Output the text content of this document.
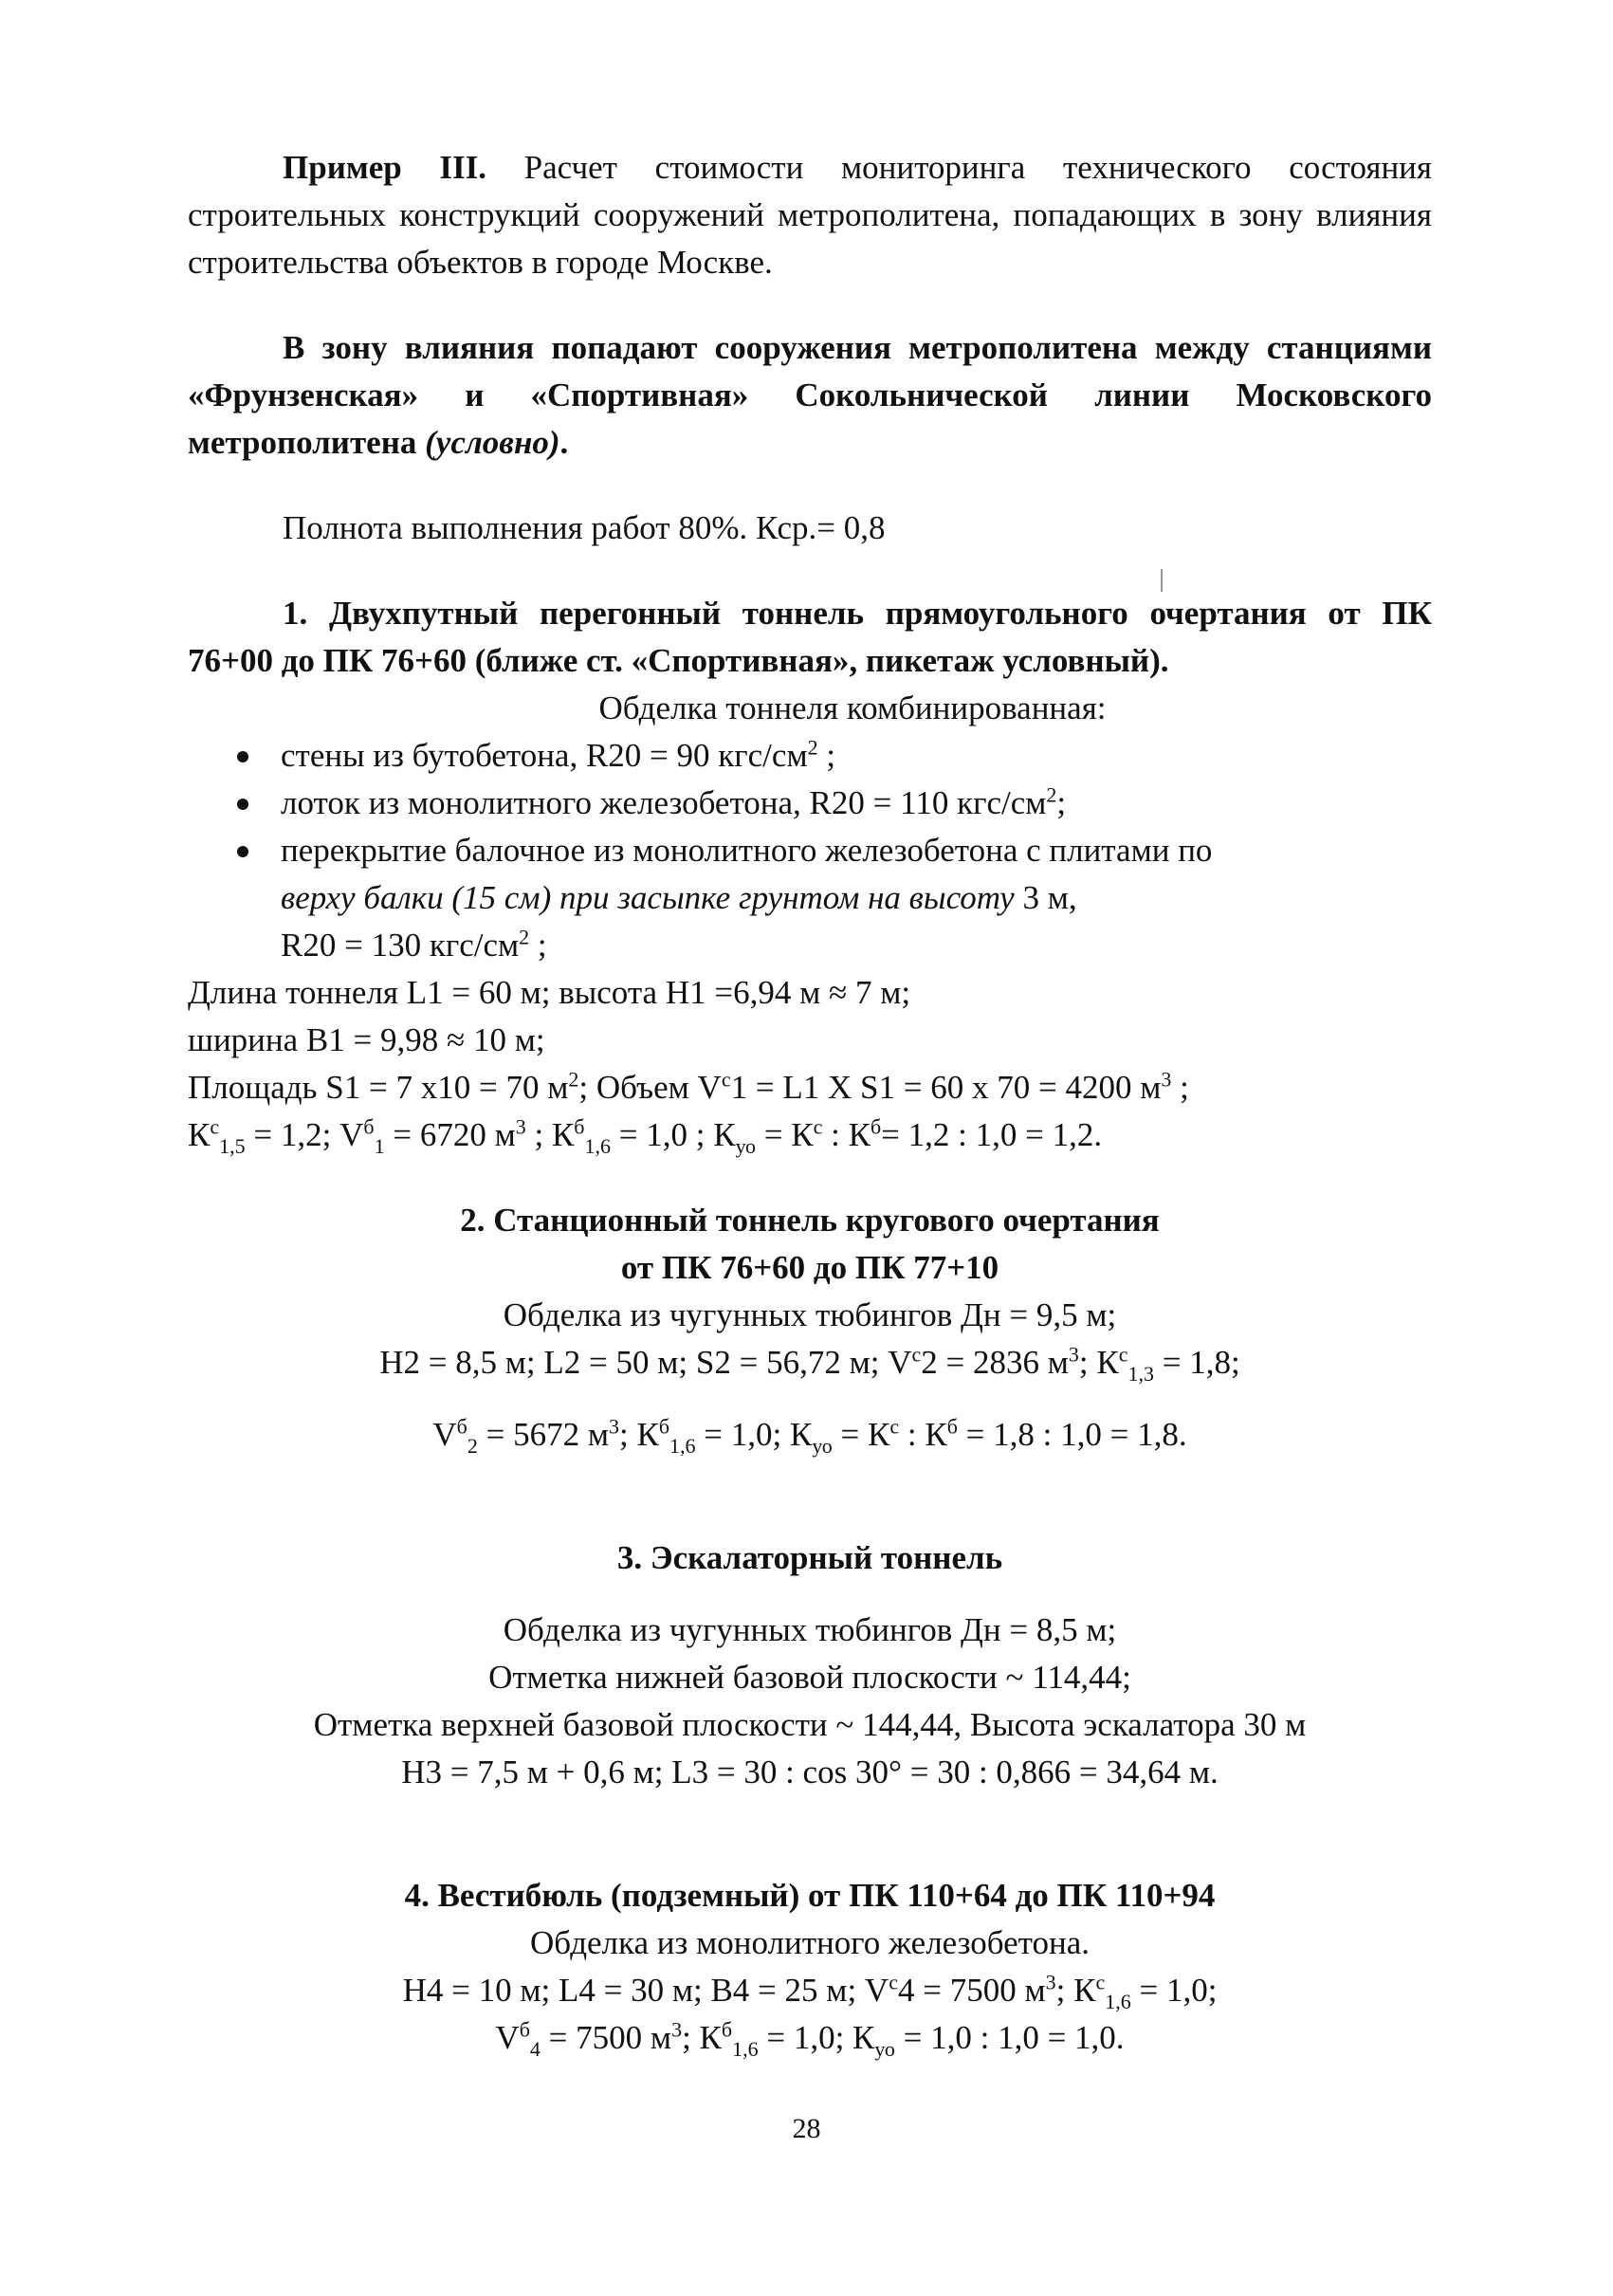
Пример III. Расчет стоимости мониторинга технического состояния строительных конструкций сооружений метрополитена, попадающих в зону влияния строительства объектов в городе Москве.

В зону влияния попадают сооружения метрополитена между станциями «Фрунзенская» и «Спортивная» Сокольнической линии Московского метрополитена (условно).

Полнота выполнения работ 80%. Кср.= 0,8

1. Двухпутный перегонный тоннель прямоугольного очертания от ПК 76+00 до ПК 76+60 (ближе ст. «Спортивная», пикетаж условный).

Обделка тоннеля комбинированная:

стены из бутобетона, R20 = 90 кгс/$см^2$ ;
лоток из монолитного железобетона, R20 = 110 кгс/$см^2$;
перекрытие балочное из монолитного железобетона с плитами по
верху балки (15 см) при засыпке грунтом на высоту 3 м,

R20 = 130 кгс/$см^2$ ;

Длина тоннеля L1 = 60 м; высота Н1 =6,94 м ≈ 7 м;

ширина В1 = 9,98 ≈ 10 м;

Площадь S1 = 7 х10 = 70 $м^2$; Объем $V^с1 = L1$ Х S1 = 60 х 70 = 4200 $м^3$ ;

$К^с_{1,5} = 1,2$; $V^б_1 = 6720$ $м^3$ ; $К^б_{1,6} = 1,0$ ; $К_{уо} = К^с$ : $К^б= 1,2$ : 1,0 = 1,2.

2. Станционный тоннель кругового очертания

от ПК 76+60 до ПК 77+10

Обделка из чугунных тюбингов Дн = 9,5 м;

Н2 = 8,5 м; L2 = 50 м; S2 = 56,72 м; $V^с2 = 2836$ $м^3$; $К^с_{1,3} = 1,8$;

$V^б_2 = 5672$ $м^3$; $К^б_{1,6} = 1,0$; $К_{уо} = К^с$ : $К^б = 1,8$ : 1,0 = 1,8.

3. Эскалаторный тоннель

Обделка из чугунных тюбингов Дн = 8,5 м;

Отметка нижней базовой плоскости ~ 114,44;

Отметка верхней базовой плоскости ~ 144,44, Высота эскалатора 30 м

Н3 = 7,5 м + 0,6 м; L3 = 30 : cos 30° = 30 : 0,866 = 34,64 м.

4. Вестибюль (подземный) от ПК 110+64 до ПК 110+94

Обделка из монолитного железобетона.

Н4 = 10 м; L4 = 30 м; В4 = 25 м; $V^с4 = 7500$ $м^3$; $К^с_{1,6} = 1,0$;

$V^б_4 = 7500$ $м^3$; $К^б_{1,6} = 1,0$; $К_{уо} = 1,0$ : 1,0 = 1,0.

28
